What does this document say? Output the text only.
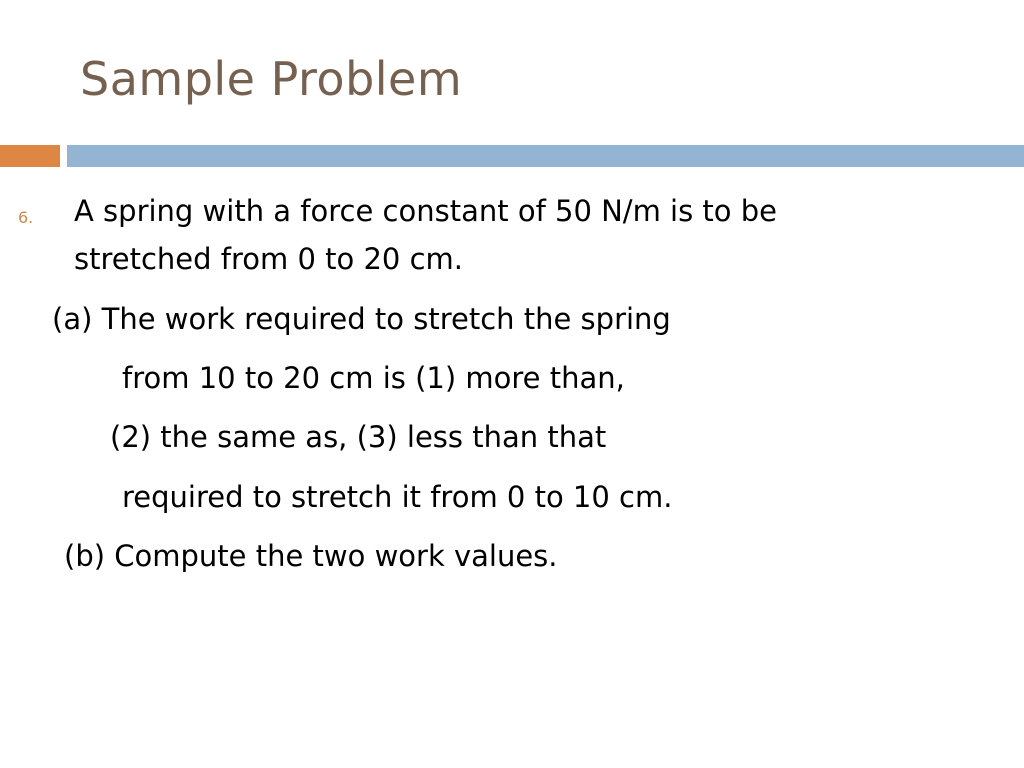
Sample Problem
6. A spring with a force constant of 50 N/m is to be
stretched from 0 to 20 cm.
(a) The work required to stretch the spring
from 10 to 20 cm is (1) more than,
(2) the same as, (3) less than that
required to stretch it from 0 to 10 cm.
(b) Compute the two work values.
